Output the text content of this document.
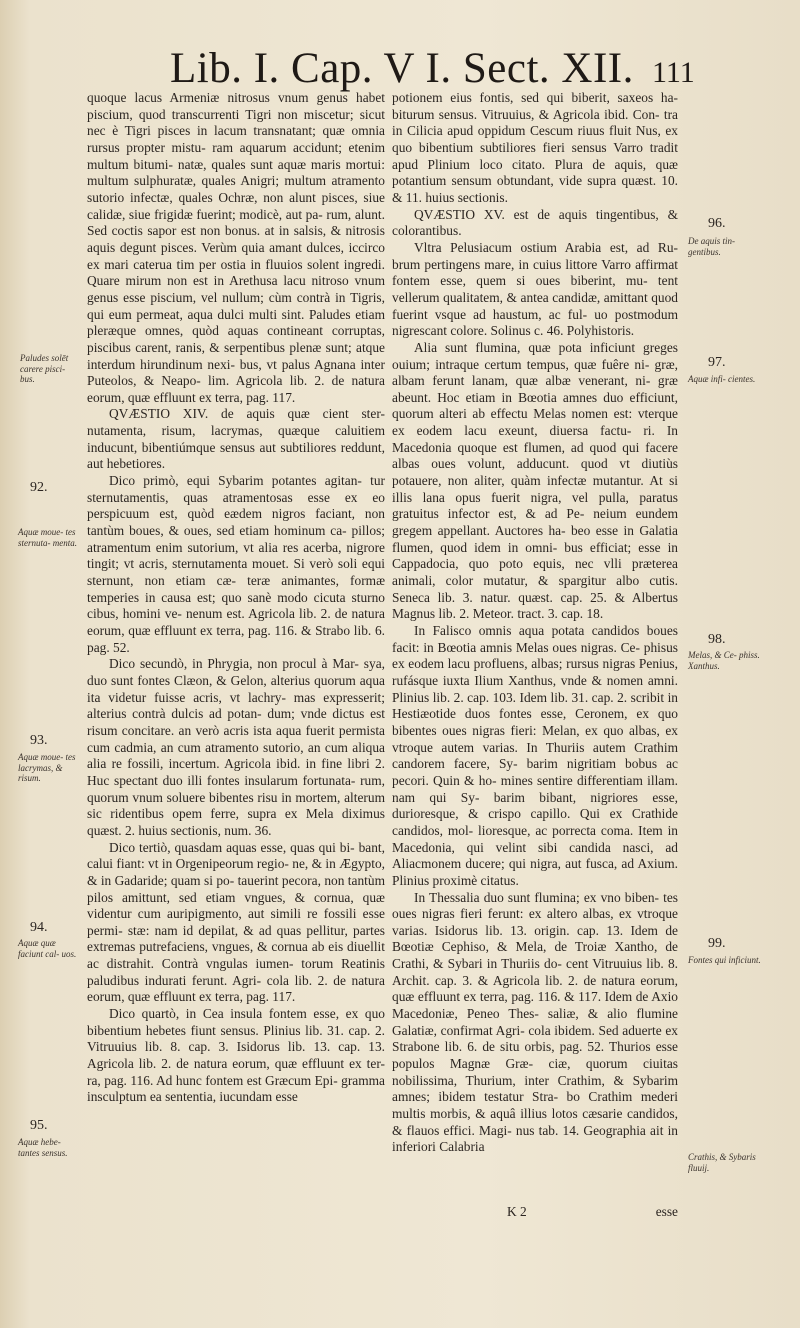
Lib. I. Cap. V I. Sect. XII. 111

quoque lacus Armeniæ nitrosus vnum genus habet piscium, quod transcurrenti Tigri non miscetur; sicut nec è Tigri pisces in lacum transnatant; quæ omnia rursus propter mistu- ram aquarum accidunt; etenim multum bitumi- natæ, quales sunt aquæ maris mortui: multum sulphuratæ, quales Anigri; multum atramento sutorio infectæ, quales Ochræ, non alunt pisces, siue calidæ, siue frigidæ fuerint; modicè, aut pa- rum, alunt. Sed coctis sapor est non bonus. at in salsis, & nitrosis aquis degunt pisces. Verùm quia amant dulces, iccirco ex mari caterua tim per ostia in fluuios solent ingredi. Quare mirum non est in Arethusa lacu nitroso vnum genus esse piscium, vel nullum; cùm contrà in Tigris, qui eum permeat, aqua dulci multi sint. Paludes etiam pleræque omnes, quòd aquas contineant corruptas, piscibus carent, ranis, & serpentibus plenæ sunt; atque interdum hirundinum nexi- bus, vt palus Agnana inter Puteolos, & Neapo- lim. Agricola lib. 2. de natura eorum, quæ effluunt ex terra, pag. 117.

QVÆSTIO XIV. de aquis quæ cient ster- nutamenta, risum, lacrymas, quæque caluitiem inducunt, bibentiúmque sensus aut subtiliores reddunt, aut hebetiores.

Dico primò, equi Sybarim potantes agitan- tur sternutamentis, quas atramentosas esse ex eo perspicuum est, quòd eædem nigros faciant, non tantùm boues, & oues, sed etiam hominum ca- pillos; atramentum enim sutorium, vt alia res acerba, nigrore tingit; vt acris, sternutamenta mouet. Si verò soli equi sternunt, non etiam cæ- teræ animantes, formæ temperies in causa est; quo sanè modo cicuta sturno cibus, homini ve- nenum est. Agricola lib. 2. de natura eorum, quæ effluunt ex terra, pag. 116. & Strabo lib. 6. pag. 52.

Dico secundò, in Phrygia, non procul à Mar- sya, duo sunt fontes Clæon, & Gelon, alterius quorum aqua ita videtur fuisse acris, vt lachry- mas expresserit; alterius contrà dulcis ad potan- dum; vnde dictus est risum concitare. an verò acris ista aqua fuerit permista cum cadmia, an cum atramento sutorio, an cum aliqua alia re fossili, incertum. Agricola ibid. in fine libri 2. Huc spectant duo illi fontes insularum fortunata- rum, quorum vnum soluere bibentes risu in mortem, alterum sic ridentibus opem ferre, supra ex Mela diximus quæst. 2. huius sectionis, num. 36.

Dico tertiò, quasdam aquas esse, quas qui bi- bant, calui fiant: vt in Orgenipeorum regio- ne, & in Ægypto, & in Gadaride; quam si po- tauerint pecora, non tantùm pilos amittunt, sed etiam vngues, & cornua, quæ videntur cum auripigmento, aut simili re fossili esse permi- stæ: nam id depilat, & ad quas pellitur, partes extremas putrefaciens, vngues, & cornua ab eis diuellit ac distrahit. Contrà vngulas iumen- torum Reatinis paludibus indurati ferunt. Agri- cola lib. 2. de natura eorum, quæ effluunt ex terra, pag. 117.

Dico quartò, in Cea insula fontem esse, ex quo bibentium hebetes fiunt sensus. Plinius lib. 31. cap. 2. Vitruuius lib. 8. cap. 3. Isidorus lib. 13. cap. 13. Agricola lib. 2. de natura eorum, quæ effluunt ex ter- ra, pag. 116. Ad hunc fontem est Græcum Epi- gramma insculptum ea sententia, iucundam esse

potionem eius fontis, sed qui biberit, saxeos ha- biturum sensus. Vitruuius, & Agricola ibid. Con- tra in Cilicia apud oppidum Cescum riuus fluit Nus, ex quo bibentium subtiliores fieri sensus Varro tradit apud Plinium loco citato. Plura de aquis, quæ potantium sensum obtundant, vide supra quæst. 10. & 11. huius sectionis.

QVÆSTIO XV. est de aquis tingentibus, & colorantibus.

Vltra Pelusiacum ostium Arabia est, ad Ru- brum pertingens mare, in cuius littore Varro affirmat fontem esse, quem si oues biberint, mu- tent vellerum qualitatem, & antea candidæ, amittant quod fuerint vsque ad haustum, ac ful- uo postmodum nigrescant colore. Solinus c. 46. Polyhistoris.

Alia sunt flumina, quæ pota inficiunt greges ouium; intraque certum tempus, quæ fuêre ni- græ, albam ferunt lanam, quæ albæ venerant, ni- græ abeunt. Hoc etiam in Bœotia amnes duo efficiunt, quorum alteri ab effectu Melas nomen est: vterque ex eodem lacu exeunt, diuersa factu- ri. In Macedonia quoque est flumen, ad quod qui facere albas oues volunt, adducunt. quod vt diutiùs potauere, non aliter, quàm infectæ mutantur. At si illis lana opus fuerit nigra, vel pulla, paratus gratuitus infector est, & ad Pe- neium eundem gregem appellant. Auctores ha- beo esse in Galatia flumen, quod idem in omni- bus efficiat; esse in Cappadocia, quo poto equis, nec vlli præterea animali, color mutatur, & spargitur albo cutis. Seneca lib. 3. natur. quæst. cap. 25. & Albertus Magnus lib. 2. Meteor. tract. 3. cap. 18.

In Falisco omnis aqua potata candidos boues facit: in Bœotia amnis Melas oues nigras. Ce- phisus ex eodem lacu profluens, albas; rursus nigras Penius, rufásque iuxta Ilium Xanthus, vnde & nomen amni. Plinius lib. 2. cap. 103. Idem lib. 31. cap. 2. scribit in Hestiæotide duos fontes esse, Ceronem, ex quo bibentes oues nigras fieri: Melan, ex quo albas, ex vtroque autem varias. In Thuriis autem Crathim candorem facere, Sy- barim nigritiam bobus ac pecori. Quin & ho- mines sentire differentiam illam. nam qui Sy- barim bibant, nigriores esse, durioresque, & crispo capillo. Qui ex Crathide candidos, mol- lioresque, ac porrecta coma. Item in Macedonia, qui velint sibi candida nasci, ad Aliacmonem ducere; qui nigra, aut fusca, ad Axium. Plinius proximè citatus.

In Thessalia duo sunt flumina; ex vno biben- tes oues nigras fieri ferunt: ex altero albas, ex vtroque varias. Isidorus lib. 13. origin. cap. 13. Idem de Bœotiæ Cephiso, & Mela, de Troiæ Xantho, de Crathi, & Sybari in Thuriis do- cent Vitruuius lib. 8. Archit. cap. 3. & Agricola lib. 2. de natura eorum, quæ effluunt ex terra, pag. 116. & 117. Idem de Axio Macedoniæ, Peneo Thes- saliæ, & alio flumine Galatiæ, confirmat Agri- cola ibidem. Sed aduerte ex Strabone lib. 6. de situ orbis, pag. 52. Thurios esse populos Magnæ Græ- ciæ, quorum ciuitas nobilissima, Thurium, inter Crathim, & Sybarim amnes; ibidem testatur Stra- bo Crathim mederi multis morbis, & aquâ illius lotos cæsarie candidos, & flauos effici. Magi- nus tab. 14. Geographia ait in inferiori Calabria

Paludes solēt carere pisci- bus.
92.
Aquæ moue- tes sternuta- menta.
93.
Aquæ moue- tes lacrymas, & risum.
94.
Aquæ quæ faciunt cal- uos.
95.
Aquæ hebe- tantes sensus.
96.
De aquis tin- gentibus.
97.
Aquæ infi- cientes.
98.
Melas, & Ce- phiss. Xanthus.
99.
Fontes qui inficiunt.
Crathis, & Sybaris fluuij.
K 2	esse
